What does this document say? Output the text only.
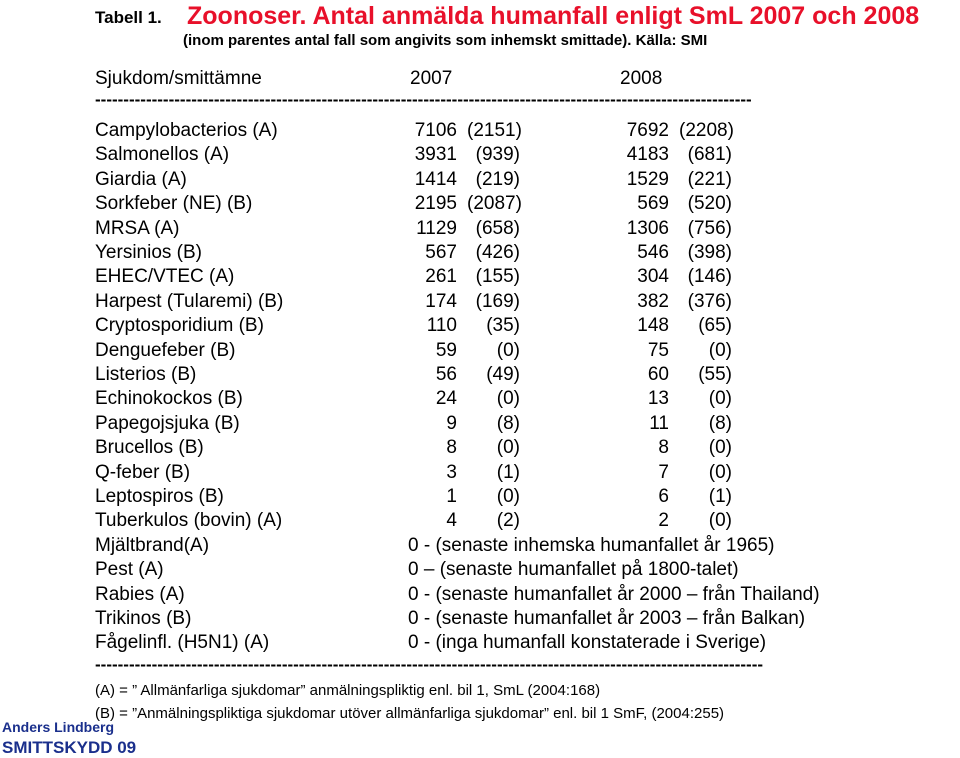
Tabell 1. Zoonoser. Antal anmälda humanfall enligt SmL 2007 och 2008
(inom parentes antal fall som angivits som inhemskt smittade). Källa: SMI
Sjukdom/smittämne	2007	2008
--------------------------------------------------------------------------------------------------------------------
Campylobacterios (A)	7106 (2151)	7692 (2208)
Salmonellos (A)	3931 (939)	4183 (681)
Giardia (A)	1414 (219)	1529 (221)
Sorkfeber (NE) (B)	2195 (2087)	569 (520)
MRSA (A)	1129 (658)	1306 (756)
Yersinios (B)	567 (426)	546 (398)
EHEC/VTEC (A)	261 (155)	304 (146)
Harpest (Tularemi) (B)	174 (169)	382 (376)
Cryptosporidium (B)	110	(35)	148	(65)
Denguefeber (B)	59	(0)	75	(0)
Listerios (B)	56	(49)	60	(55)
Echinokockos (B)	24	(0)	13	(0)
Papegojsjuka (B)	9	(8)	11	(8)
Brucellos (B)	8	(0)	8	(0)
Q-feber (B)	3	(1)	7	(0)
Leptospiros (B)	1	(0)	6	(1)
Tuberkulos (bovin) (A)	4	(2)	2	(0)
Mjältbrand(A)	0 - (senaste inhemska humanfallet år 1965)
Pest (A)	0 – (senaste humanfallet på 1800-talet)
Rabies (A)	0 - (senaste humanfallet år 2000 – från Thailand)
Trikinos (B)	0 - (senaste humanfallet år 2003 – från Balkan)
Fågelinfl. (H5N1) (A)	0 - (inga humanfall konstaterade i Sverige)
----------------------------------------------------------------------------------------------------------------------
(A) = ” Allmänfarliga sjukdomar” anmälningspliktig enl. bil 1, SmL (2004:168)
(B) = ”Anmälningspliktiga sjukdomar utöver allmänfarliga sjukdomar” enl. bil 1 SmF, (2004:255)
Anders Lindberg
SMITTSKYDD 09
